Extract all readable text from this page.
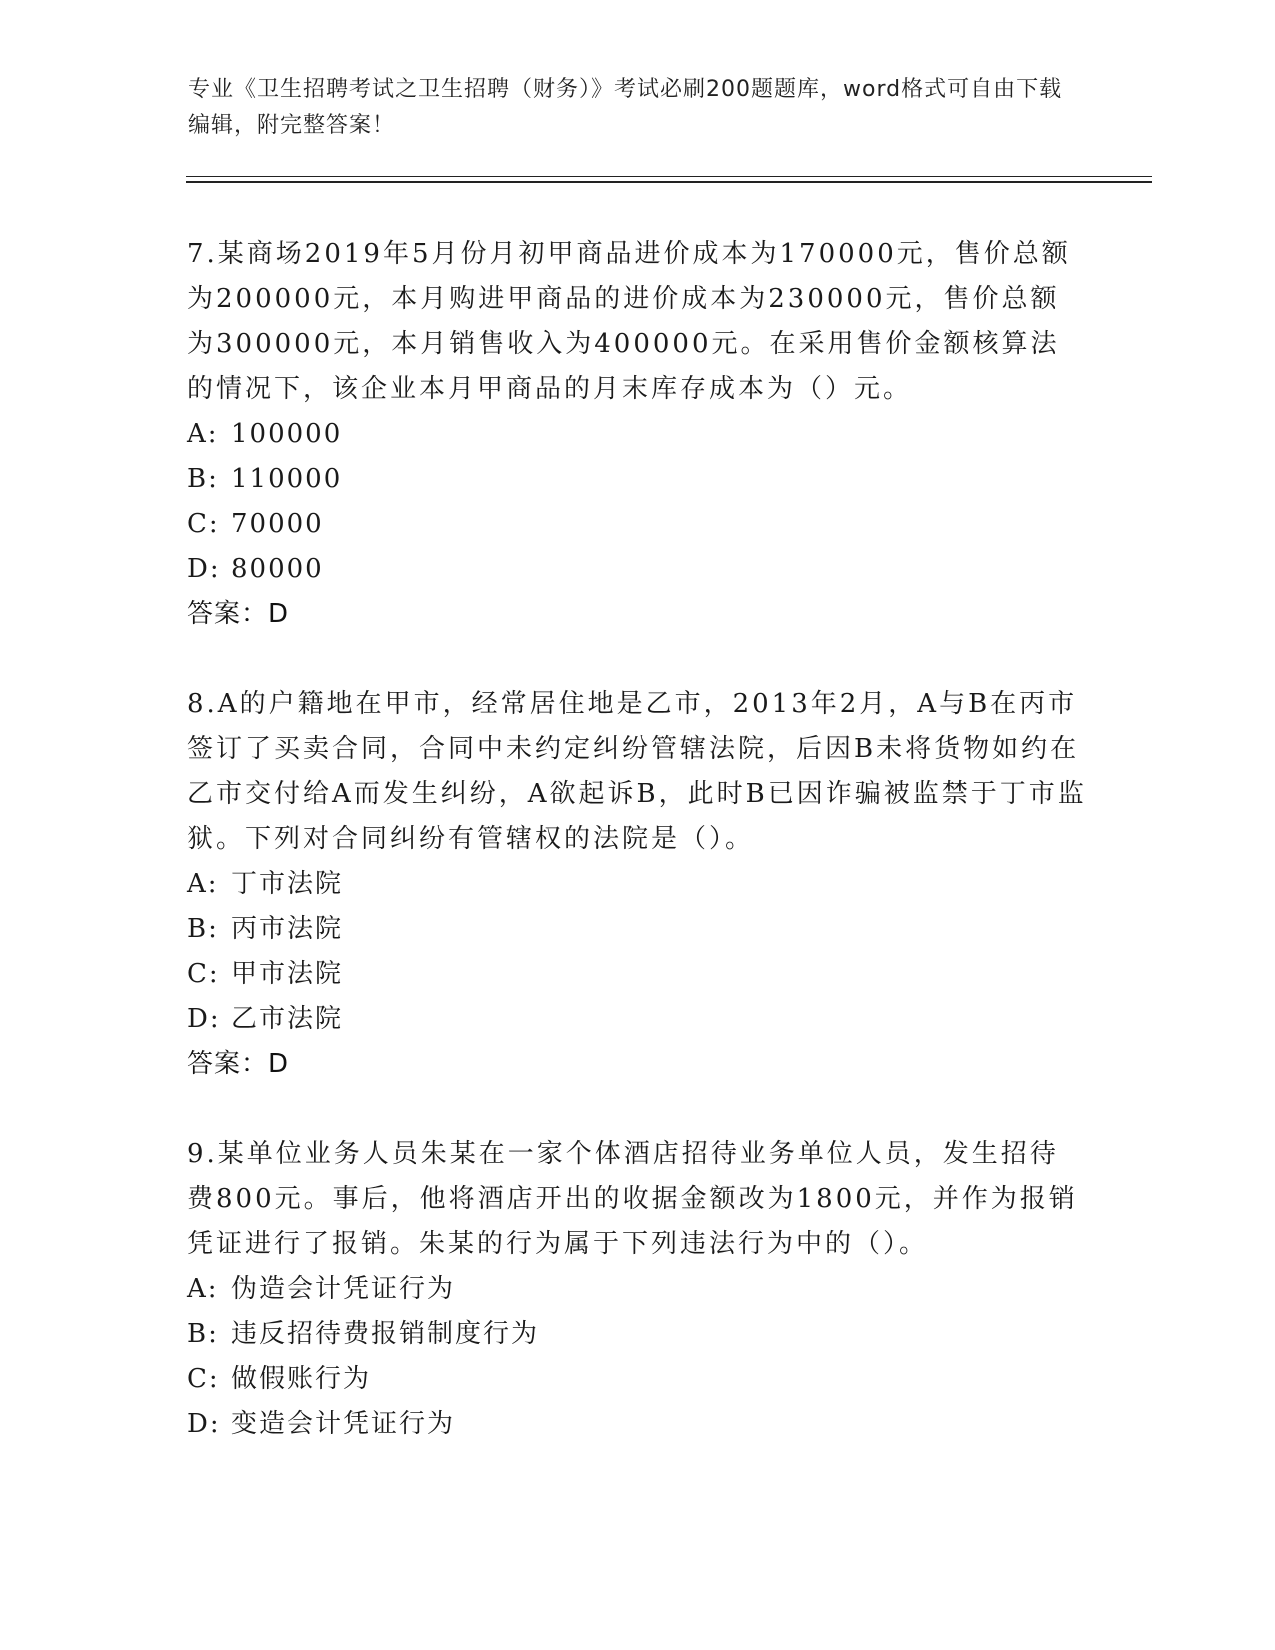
专业《卫生招聘考试之卫生招聘（财务）》考试必刷200题题库，word格式可自由下载编辑，附完整答案！

7.某商场2019年5月份月初甲商品进价成本为170000元，售价总额为200000元，本月购进甲商品的进价成本为230000元，售价总额为300000元，本月销售收入为400000元。在采用售价金额核算法的情况下，该企业本月甲商品的月末库存成本为（）元。

A: 100000

B: 110000

C: 70000

D: 80000

答案：D

8.A的户籍地在甲市，经常居住地是乙市，2013年2月，A与B在丙市签订了买卖合同，合同中未约定纠纷管辖法院，后因B未将货物如约在乙市交付给A而发生纠纷，A欲起诉B，此时B已因诈骗被监禁于丁市监狱。下列对合同纠纷有管辖权的法院是（）。

A: 丁市法院

B: 丙市法院

C: 甲市法院

D: 乙市法院

答案：D

9.某单位业务人员朱某在一家个体酒店招待业务单位人员，发生招待费800元。事后，他将酒店开出的收据金额改为1800元，并作为报销凭证进行了报销。朱某的行为属于下列违法行为中的（）。

A: 伪造会计凭证行为

B: 违反招待费报销制度行为

C: 做假账行为

D: 变造会计凭证行为
